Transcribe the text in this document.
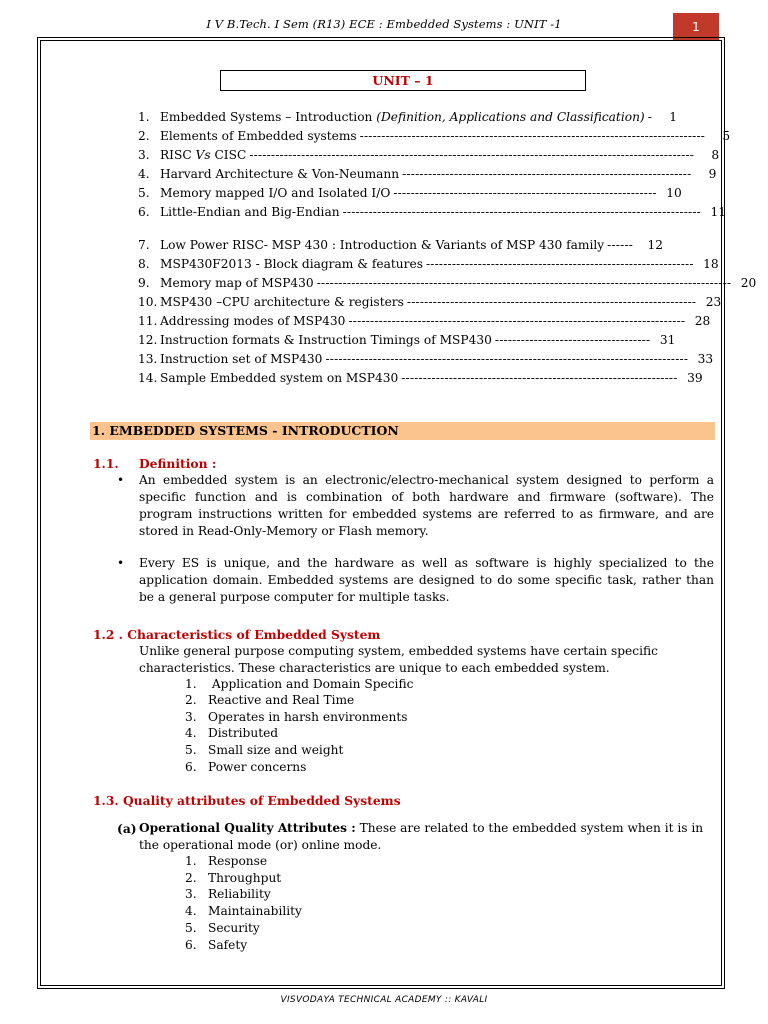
I V B.Tech. I Sem (R13) ECE : Embedded Systems : UNIT -1	1
UNIT – 1
1. Embedded Systems – Introduction (Definition, Applications and Classification) -	1
2. Elements of Embedded systems --------------------------------------------------------------------------------	5
3. RISC Vs CISC -------------------------------------------------------------------------------------------------------	8
4. Harvard Architecture & Von-Neumann -------------------------------------------------------------------	9
5. Memory mapped I/O and Isolated I/O ------------------------------------------------------------- 10
6. Little-Endian and Big-Endian ----------------------------------------------------------------------------------- 11
7. Low Power RISC- MSP 430 : Introduction & Variants of MSP 430 family ------	12
8. MSP430F2013 - Block diagram & features -------------------------------------------------------------- 18
9. Memory map of MSP430 ------------------------------------------------------------------------------------------------ 20
10. MSP430 –CPU architecture & registers ------------------------------------------------------------------- 23
11. Addressing modes of MSP430 ------------------------------------------------------------------------------ 28
12. Instruction formats & Instruction Timings of MSP430 ------------------------------------ 31
13. Instruction set of MSP430 ------------------------------------------------------------------------------------ 33
14. Sample Embedded system on MSP430 ---------------------------------------------------------------- 39
1. EMBEDDED SYSTEMS - INTRODUCTION
1.1. Definition :
• An embedded system is an electronic/electro-mechanical system designed to perform a specific function and is combination of both hardware and firmware (software). The program instructions written for embedded systems are referred to as firmware, and are stored in Read-Only-Memory or Flash memory.
• Every ES is unique, and the hardware as well as software is highly specialized to the application domain. Embedded systems are designed to do some specific task, rather than be a general purpose computer for multiple tasks.
1.2 . Characteristics of Embedded System
Unlike general purpose computing system, embedded systems have certain specific characteristics. These characteristics are unique to each embedded system.
1. Application and Domain Specific
2. Reactive and Real Time
3. Operates in harsh environments
4. Distributed
5. Small size and weight
6. Power concerns
1.3. Quality attributes of Embedded Systems
(a) Operational Quality Attributes : These are related to the embedded system when it is in the operational mode (or) online mode.
1. Response
2. Throughput
3. Reliability
4. Maintainability
5. Security
6. Safety
VISVODAYA TECHNICAL ACADEMY :: KAVALI
